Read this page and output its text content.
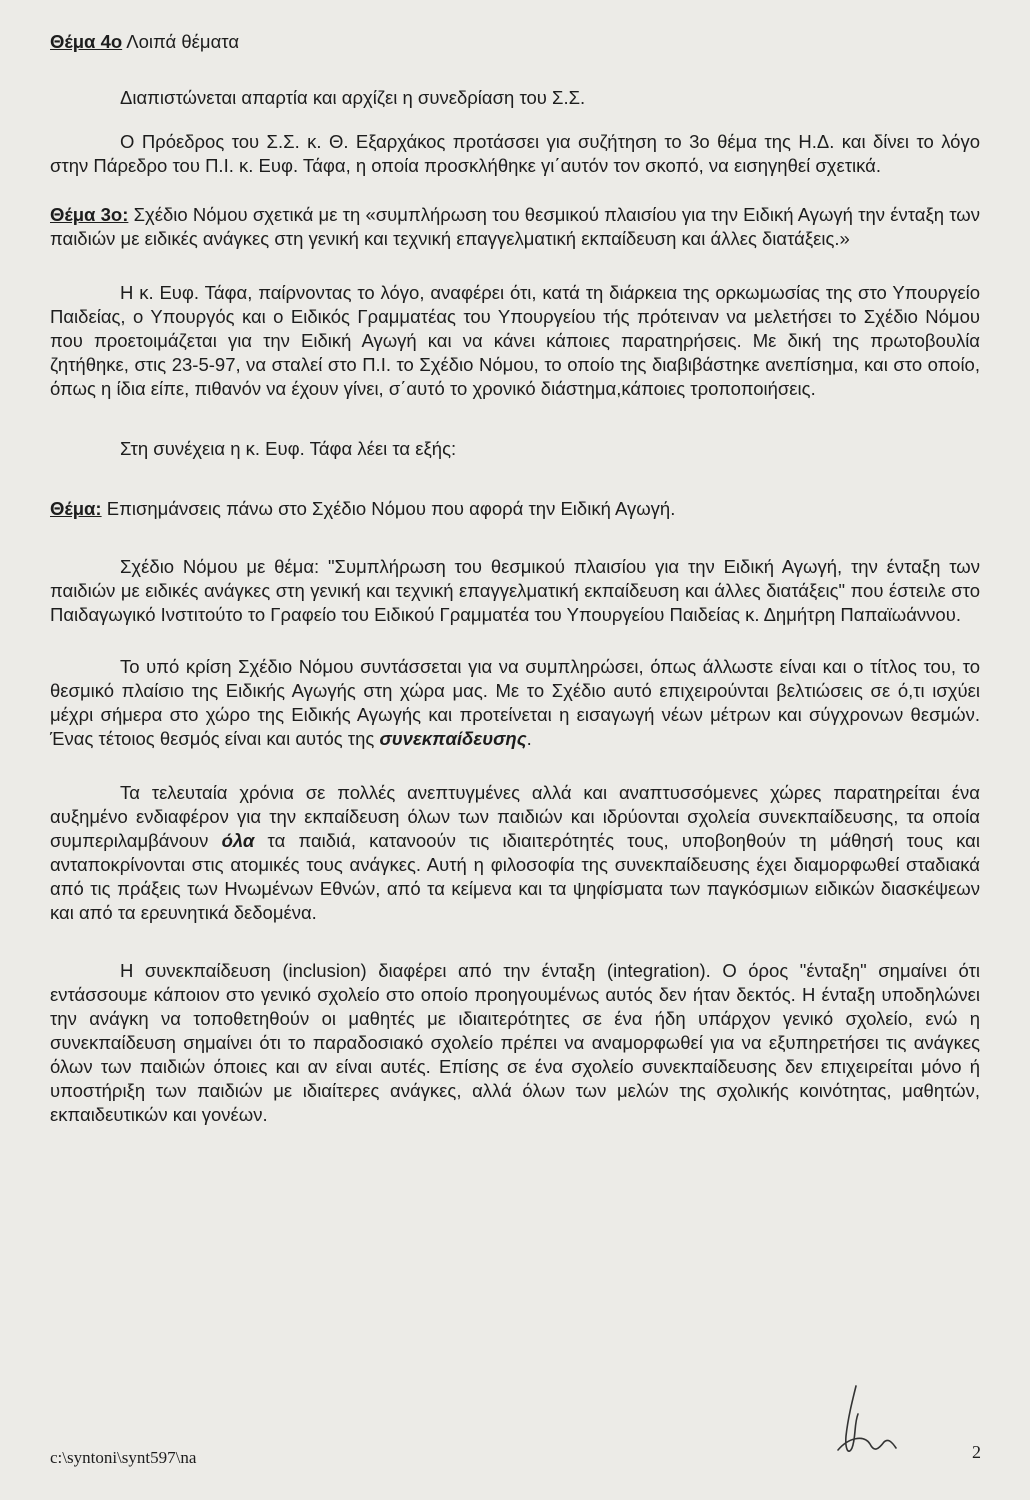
Θέμα 4ο Λοιπά θέματα

Διαπιστώνεται απαρτία και αρχίζει η συνεδρίαση του Σ.Σ.

Ο Πρόεδρος του Σ.Σ. κ. Θ. Εξαρχάκος προτάσσει για συζήτηση το 3ο θέμα της Η.Δ. και δίνει το λόγο στην Πάρεδρο του Π.Ι. κ. Ευφ. Τάφα, η οποία προσκλήθηκε γι΄αυτόν τον σκοπό, να εισηγηθεί σχετικά.

Θέμα 3ο: Σχέδιο Νόμου σχετικά με τη «συμπλήρωση του θεσμικού πλαισίου για την Ειδική Αγωγή την ένταξη των παιδιών με ειδικές ανάγκες στη γενική και τεχνική επαγγελματική εκπαίδευση και άλλες διατάξεις.»

Η κ. Ευφ. Τάφα, παίρνοντας το λόγο, αναφέρει ότι, κατά τη διάρκεια της ορκωμωσίας της στο Υπουργείο Παιδείας, ο Υπουργός και ο Ειδικός Γραμματέας του Υπουργείου τής πρότειναν να μελετήσει το Σχέδιο Νόμου που προετοιμάζεται για την Ειδική Αγωγή και να κάνει κάποιες παρατηρήσεις. Με δική της πρωτοβουλία ζητήθηκε, στις 23-5-97, να σταλεί στο Π.Ι. το Σχέδιο Νόμου, το οποίο της διαβιβάστηκε ανεπίσημα, και στο οποίο, όπως η ίδια είπε, πιθανόν να έχουν γίνει, σ΄αυτό το χρονικό διάστημα,κάποιες τροποποιήσεις.

Στη συνέχεια η κ. Ευφ. Τάφα λέει τα εξής:

Θέμα: Επισημάνσεις πάνω στο Σχέδιο Νόμου που αφορά την Ειδική Αγωγή.

Σχέδιο Νόμου με θέμα: "Συμπλήρωση του θεσμικού πλαισίου για την Ειδική Αγωγή, την ένταξη των παιδιών με ειδικές ανάγκες στη γενική και τεχνική επαγγελματική εκπαίδευση και άλλες διατάξεις" που έστειλε στο Παιδαγωγικό Ινστιτούτο το Γραφείο του Ειδικού Γραμματέα του Υπουργείου Παιδείας κ. Δημήτρη Παπαϊωάννου.

Το υπό κρίση Σχέδιο Νόμου συντάσσεται για να συμπληρώσει, όπως άλλωστε είναι και ο τίτλος του, το θεσμικό πλαίσιο της Ειδικής Αγωγής στη χώρα μας. Με το Σχέδιο αυτό επιχειρούνται βελτιώσεις σε ό,τι ισχύει μέχρι σήμερα στο χώρο της Ειδικής Αγωγής και προτείνεται η εισαγωγή νέων μέτρων και σύγχρονων θεσμών. Ένας τέτοιος θεσμός είναι και αυτός της συνεκπαίδευσης.

Τα τελευταία χρόνια σε πολλές ανεπτυγμένες αλλά και αναπτυσσόμενες χώρες παρατηρείται ένα αυξημένο ενδιαφέρον για την εκπαίδευση όλων των παιδιών και ιδρύονται σχολεία συνεκπαίδευσης, τα οποία συμπεριλαμβάνουν όλα τα παιδιά, κατανοούν τις ιδιαιτερότητές τους, υποβοηθούν τη μάθησή τους και ανταποκρίνονται στις ατομικές τους ανάγκες. Αυτή η φιλοσοφία της συνεκπαίδευσης έχει διαμορφωθεί σταδιακά από τις πράξεις των Ηνωμένων Εθνών, από τα κείμενα και τα ψηφίσματα των παγκόσμιων ειδικών διασκέψεων και από τα ερευνητικά δεδομένα.

Η συνεκπαίδευση (inclusion) διαφέρει από την ένταξη (integration). Ο όρος "ένταξη" σημαίνει ότι εντάσσουμε κάποιον στο γενικό σχολείο στο οποίο προηγουμένως αυτός δεν ήταν δεκτός. Η ένταξη υποδηλώνει την ανάγκη να τοποθετηθούν οι μαθητές με ιδιαιτερότητες σε ένα ήδη υπάρχον γενικό σχολείο, ενώ η συνεκπαίδευση σημαίνει ότι το παραδοσιακό σχολείο πρέπει να αναμορφωθεί για να εξυπηρετήσει τις ανάγκες όλων των παιδιών όποιες και αν είναι αυτές. Επίσης σε ένα σχολείο συνεκπαίδευσης δεν επιχειρείται μόνο ή υποστήριξη των παιδιών με ιδιαίτερες ανάγκες, αλλά όλων των μελών της σχολικής κοινότητας, μαθητών, εκπαιδευτικών και γονέων.

c:\syntoni\synt597\na	2
